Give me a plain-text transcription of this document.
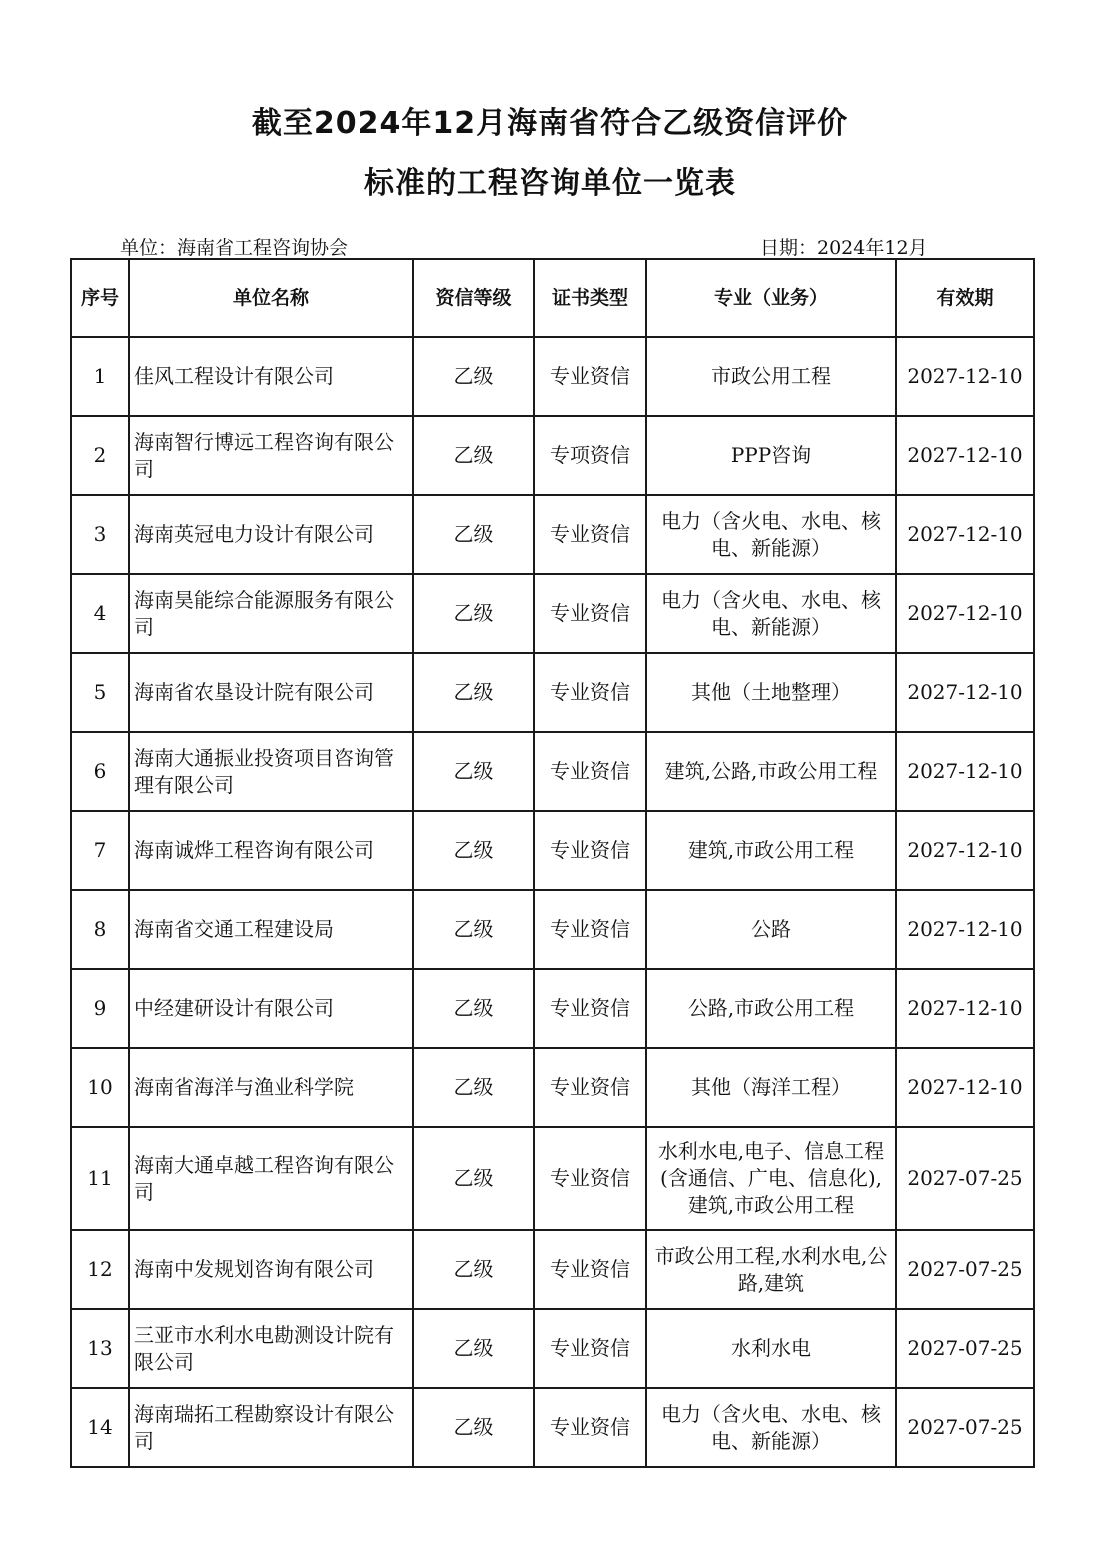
截至2024年12月海南省符合乙级资信评价
标准的工程咨询单位一览表
单位：海南省工程咨询协会	日期：2024年12月
序号	单位名称	资信等级	证书类型	专业（业务）	有效期
1	佳风工程设计有限公司	乙级	专业资信	市政公用工程	2027-12-10
2	海南智行博远工程咨询有限公司	乙级	专项资信	PPP咨询	2027-12-10
3	海南英冠电力设计有限公司	乙级	专业资信	电力（含火电、水电、核电、新能源）	2027-12-10
4	海南昊能综合能源服务有限公司	乙级	专业资信	电力（含火电、水电、核电、新能源）	2027-12-10
5	海南省农垦设计院有限公司	乙级	专业资信	其他（土地整理）	2027-12-10
6	海南大通振业投资项目咨询管理有限公司	乙级	专业资信	建筑,公路,市政公用工程	2027-12-10
7	海南诚烨工程咨询有限公司	乙级	专业资信	建筑,市政公用工程	2027-12-10
8	海南省交通工程建设局	乙级	专业资信	公路	2027-12-10
9	中经建研设计有限公司	乙级	专业资信	公路,市政公用工程	2027-12-10
10	海南省海洋与渔业科学院	乙级	专业资信	其他（海洋工程）	2027-12-10
11	海南大通卓越工程咨询有限公司	乙级	专业资信	水利水电,电子、信息工程(含通信、广电、信息化),建筑,市政公用工程	2027-07-25
12	海南中发规划咨询有限公司	乙级	专业资信	市政公用工程,水利水电,公路,建筑	2027-07-25
13	三亚市水利水电勘测设计院有限公司	乙级	专业资信	水利水电	2027-07-25
14	海南瑞拓工程勘察设计有限公司	乙级	专业资信	电力（含火电、水电、核电、新能源）	2027-07-25
